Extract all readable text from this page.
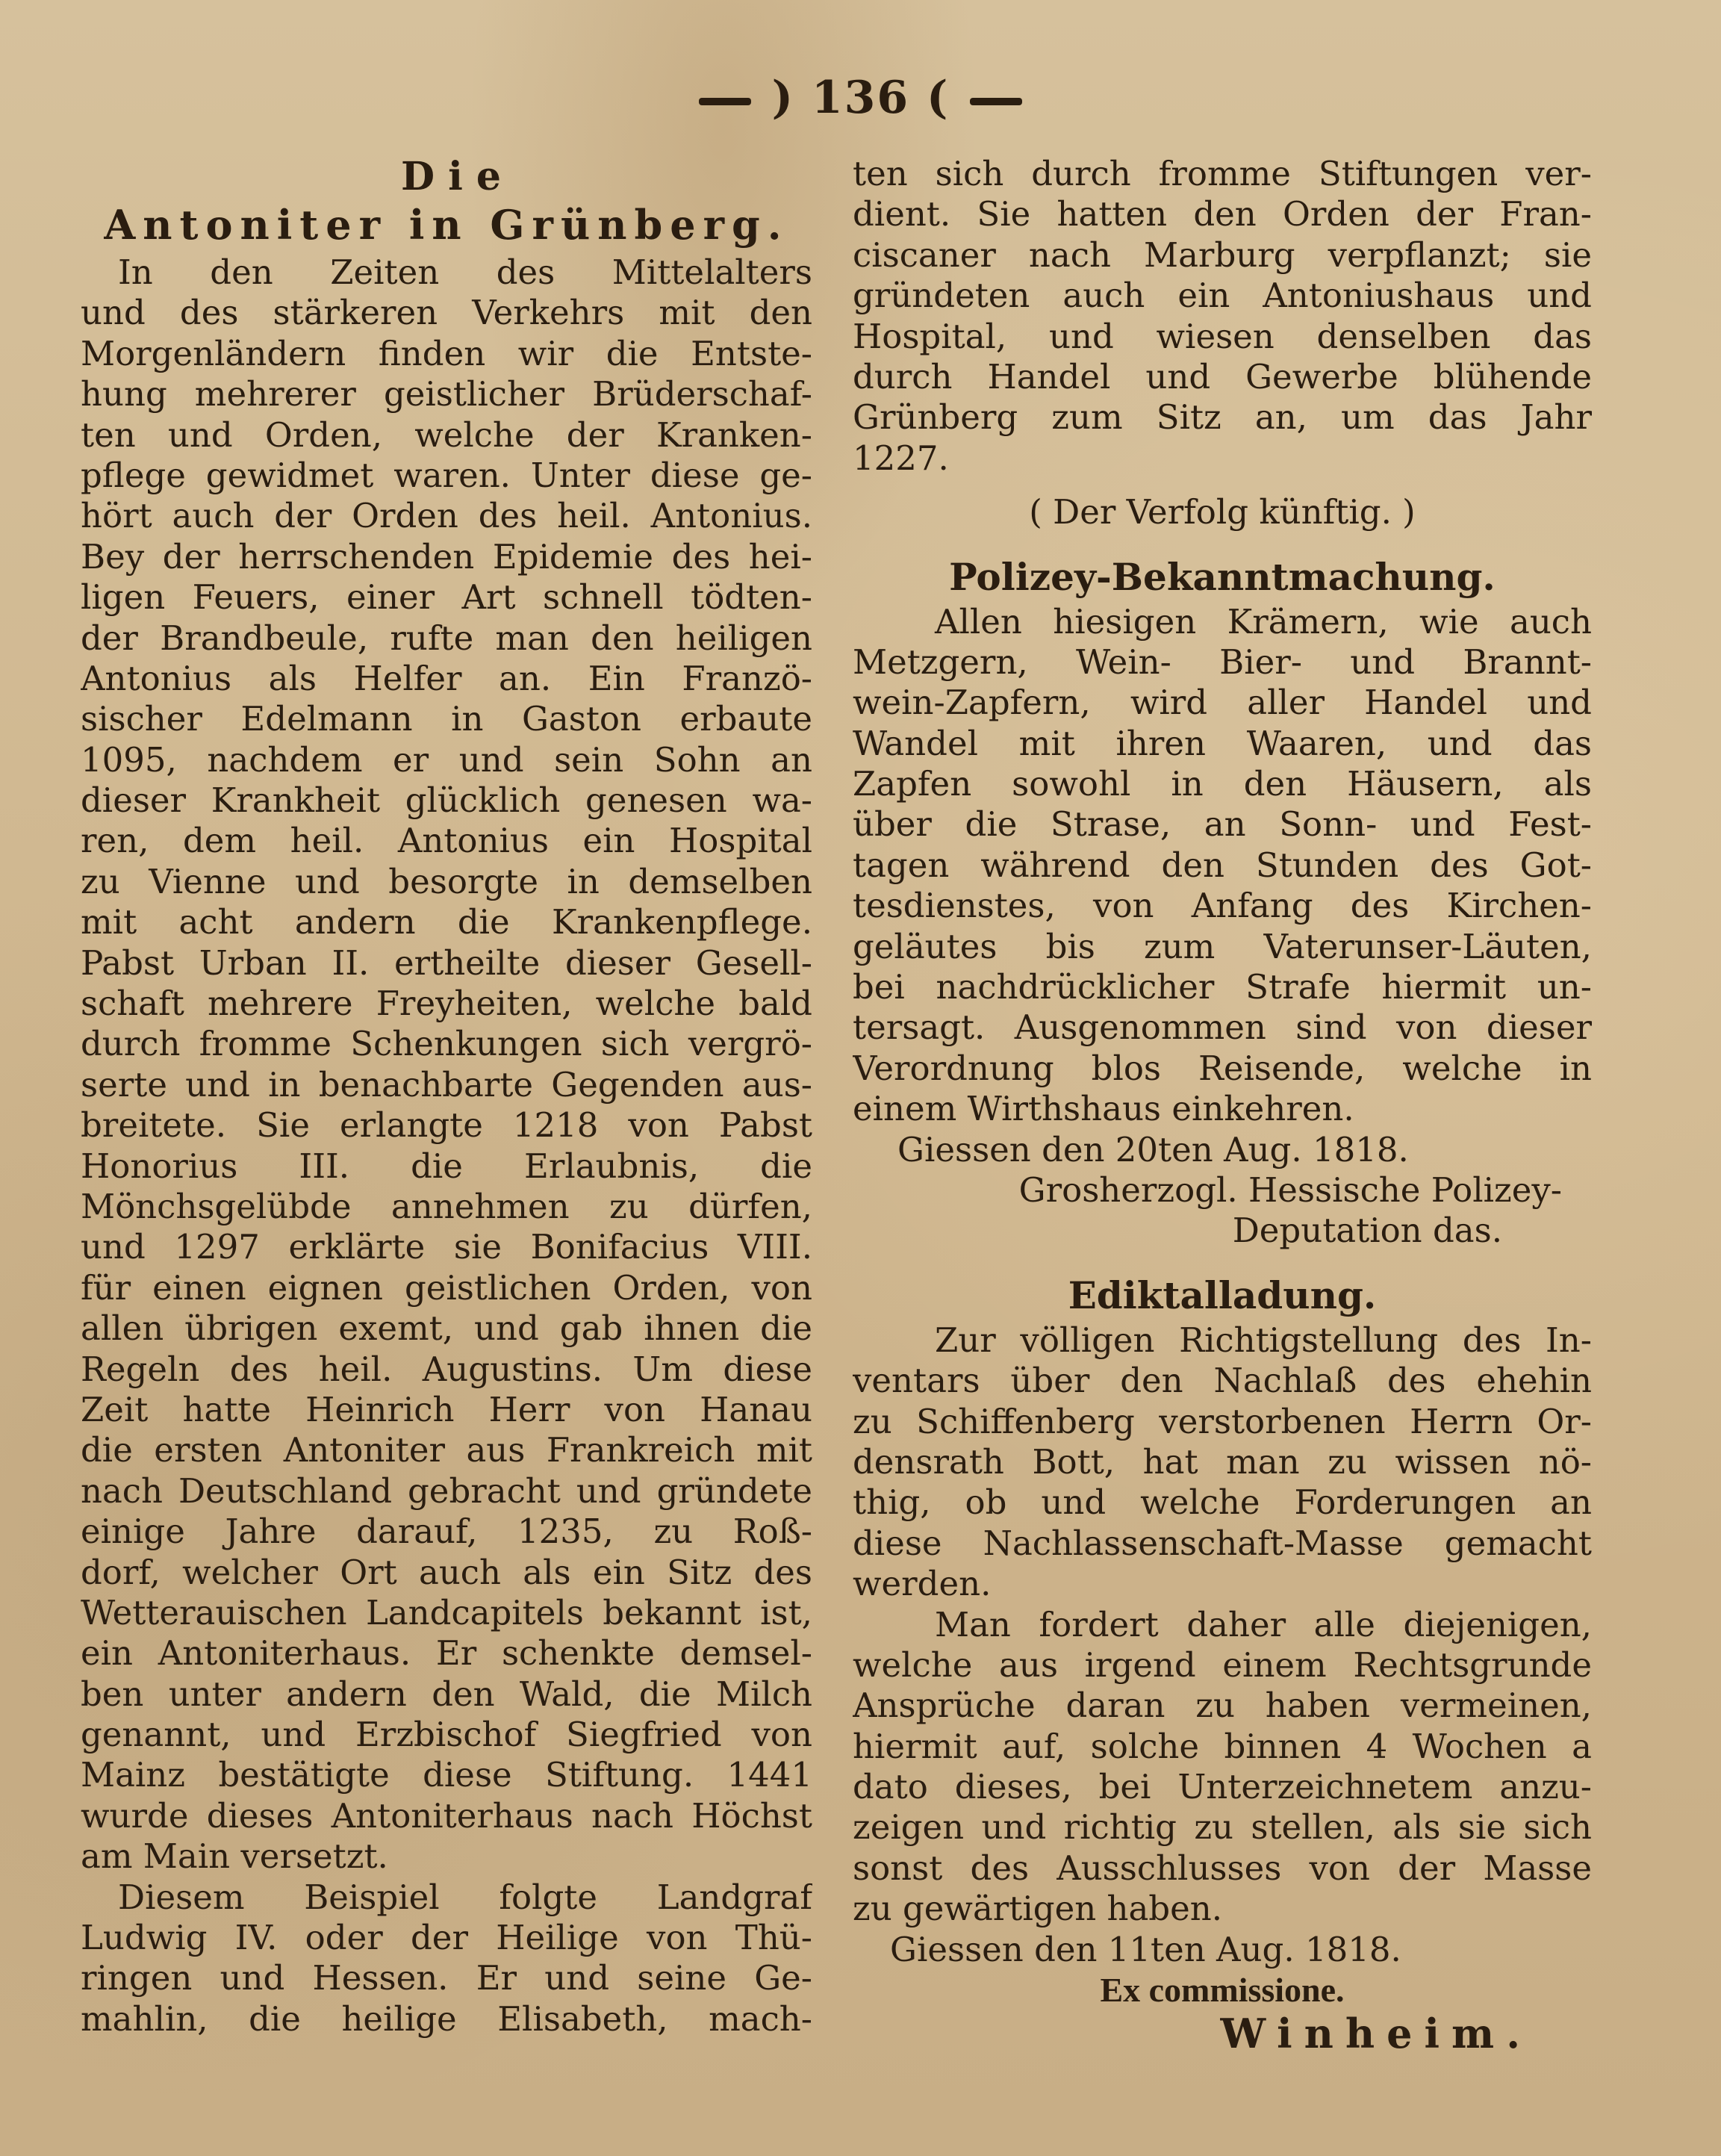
) 136 (
Die
Antoniter in Grünberg.
In den Zeiten des Mittelalters
und des stärkeren Verkehrs mit den
Morgenländern finden wir die Entste-
hung mehrerer geistlicher Brüderschaf-
ten und Orden, welche der Kranken-
pflege gewidmet waren. Unter diese ge-
hört auch der Orden des heil. Antonius.
Bey der herrschenden Epidemie des hei-
ligen Feuers, einer Art schnell tödten-
der Brandbeule, rufte man den heiligen
Antonius als Helfer an. Ein Franzö-
sischer Edelmann in Gaston erbaute
1095, nachdem er und sein Sohn an
dieser Krankheit glücklich genesen wa-
ren, dem heil. Antonius ein Hospital
zu Vienne und besorgte in demselben
mit acht andern die Krankenpflege.
Pabst Urban II. ertheilte dieser Gesell-
schaft mehrere Freyheiten, welche bald
durch fromme Schenkungen sich vergrö-
serte und in benachbarte Gegenden aus-
breitete. Sie erlangte 1218 von Pabst
Honorius III. die Erlaubnis, die
Mönchsgelübde annehmen zu dürfen,
und 1297 erklärte sie Bonifacius VIII.
für einen eignen geistlichen Orden, von
allen übrigen exemt, und gab ihnen die
Regeln des heil. Augustins. Um diese
Zeit hatte Heinrich Herr von Hanau
die ersten Antoniter aus Frankreich mit
nach Deutschland gebracht und gründete
einige Jahre darauf, 1235, zu Roß-
dorf, welcher Ort auch als ein Sitz des
Wetterauischen Landcapitels bekannt ist,
ein Antoniterhaus. Er schenkte demsel-
ben unter andern den Wald, die Milch
genannt, und Erzbischof Siegfried von
Mainz bestätigte diese Stiftung. 1441
wurde dieses Antoniterhaus nach Höchst
am Main versetzt.
Diesem Beispiel folgte Landgraf
Ludwig IV. oder der Heilige von Thü-
ringen und Hessen. Er und seine Ge-
mahlin, die heilige Elisabeth, mach-
ten sich durch fromme Stiftungen ver-
dient. Sie hatten den Orden der Fran-
ciscaner nach Marburg verpflanzt; sie
gründeten auch ein Antoniushaus und
Hospital, und wiesen denselben das
durch Handel und Gewerbe blühende
Grünberg zum Sitz an, um das Jahr
1227.
( Der Verfolg künftig. )
Polizey-Bekanntmachung.
Allen hiesigen Krämern, wie auch
Metzgern, Wein- Bier- und Brannt-
wein-Zapfern, wird aller Handel und
Wandel mit ihren Waaren, und das
Zapfen sowohl in den Häusern, als
über die Strase, an Sonn- und Fest-
tagen während den Stunden des Got-
tesdienstes, von Anfang des Kirchen-
geläutes bis zum Vaterunser-Läuten,
bei nachdrücklicher Strafe hiermit un-
tersagt. Ausgenommen sind von dieser
Verordnung blos Reisende, welche in
einem Wirthshaus einkehren.
Giessen den 20ten Aug. 1818.
Grosherzogl. Hessische Polizey-
Deputation das.
Ediktalladung.
Zur völligen Richtigstellung des In-
ventars über den Nachlaß des ehehin
zu Schiffenberg verstorbenen Herrn Or-
densrath Bott, hat man zu wissen nö-
thig, ob und welche Forderungen an
diese Nachlassenschaft-Masse gemacht
werden.
Man fordert daher alle diejenigen,
welche aus irgend einem Rechtsgrunde
Ansprüche daran zu haben vermeinen,
hiermit auf, solche binnen 4 Wochen a
dato dieses, bei Unterzeichnetem anzu-
zeigen und richtig zu stellen, als sie sich
sonst des Ausschlusses von der Masse
zu gewärtigen haben.
Giessen den 11ten Aug. 1818.
Ex commissione.
Winheim.
